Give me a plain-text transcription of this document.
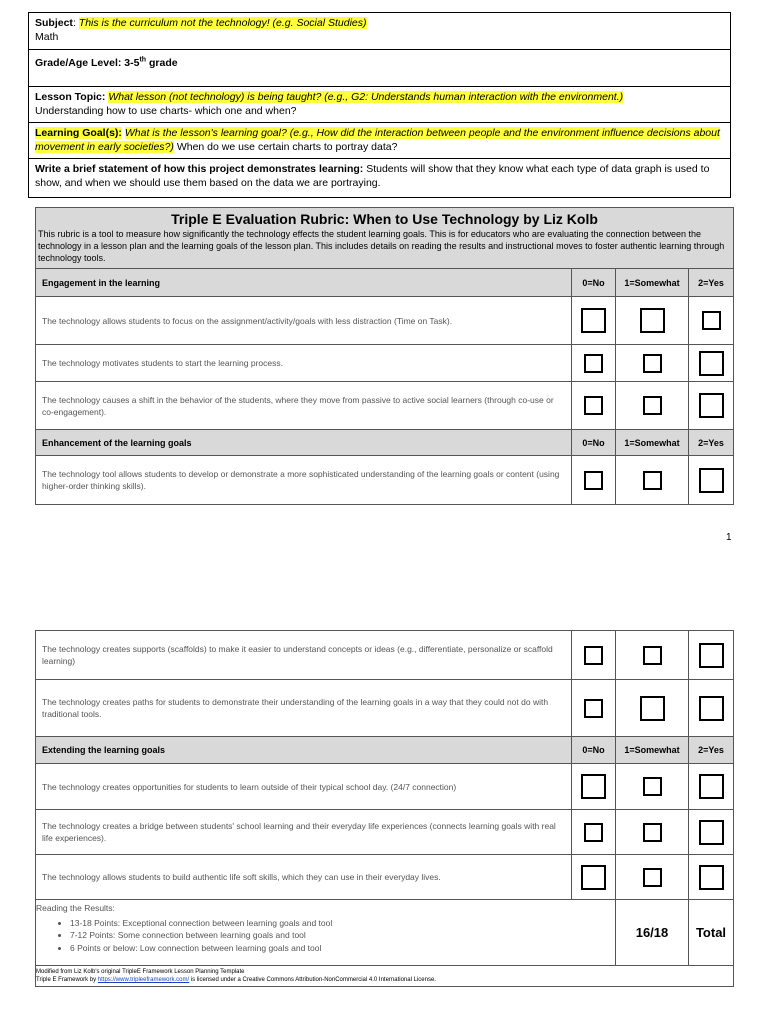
Subject: This is the curriculum not the technology! (e.g. Social Studies)
Math
Grade/Age Level: 3-5th grade
Lesson Topic: What lesson (not technology) is being taught? (e.g., G2: Understands human interaction with the environment.)
Understanding how to use charts- which one and when?
Learning Goal(s): What is the lesson's learning goal? (e.g., How did the interaction between people and the environment influence decisions about movement in early societies?) When do we use certain charts to portray data?
Write a brief statement of how this project demonstrates learning: Students will show that they know what each type of data graph is used to show, and when we should use them based on the data we are portraying.
Triple E Evaluation Rubric: When to Use Technology by Liz Kolb
This rubric is a tool to measure how significantly the technology effects the student learning goals. This is for educators who are evaluating the connection between the technology in a lesson plan and the learning goals of the lesson plan. This includes details on reading the results and instructional moves to foster authentic learning through technology tools.
Engagement in the learning	0=No	1=Somewhat	2=Yes
The technology allows students to focus on the assignment/activity/goals with less distraction (Time on Task).
The technology motivates students to start the learning process.
The technology causes a shift in the behavior of the students, where they move from passive to active social learners (through co-use or co-engagement).
Enhancement of the learning goals	0=No	1=Somewhat	2=Yes
The technology tool allows students to develop or demonstrate a more sophisticated understanding of the learning goals or content (using higher-order thinking skills).
1
The technology creates supports (scaffolds) to make it easier to understand concepts or ideas (e.g., differentiate, personalize or scaffold learning)
The technology creates paths for students to demonstrate their understanding of the learning goals in a way that they could not do with traditional tools.
Extending the learning goals	0=No	1=Somewhat	2=Yes
The technology creates opportunities for students to learn outside of their typical school day. (24/7 connection)
The technology creates a bridge between students' school learning and their everyday life experiences (connects learning goals with real life experiences).
The technology allows students to build authentic life soft skills, which they can use in their everyday lives.
Reading the Results:
• 13-18 Points: Exceptional connection between learning goals and tool
• 7-12 Points: Some connection between learning goals and tool
• 6 Points or below: Low connection between learning goals and tool
16/18	Total
Modified from Liz Kolb's original TripleE Framework Lesson Planning Template
Triple E Framework by https://www.tripleeframework.com/ is licensed under a Creative Commons Attribution-NonCommercial 4.0 International License.
